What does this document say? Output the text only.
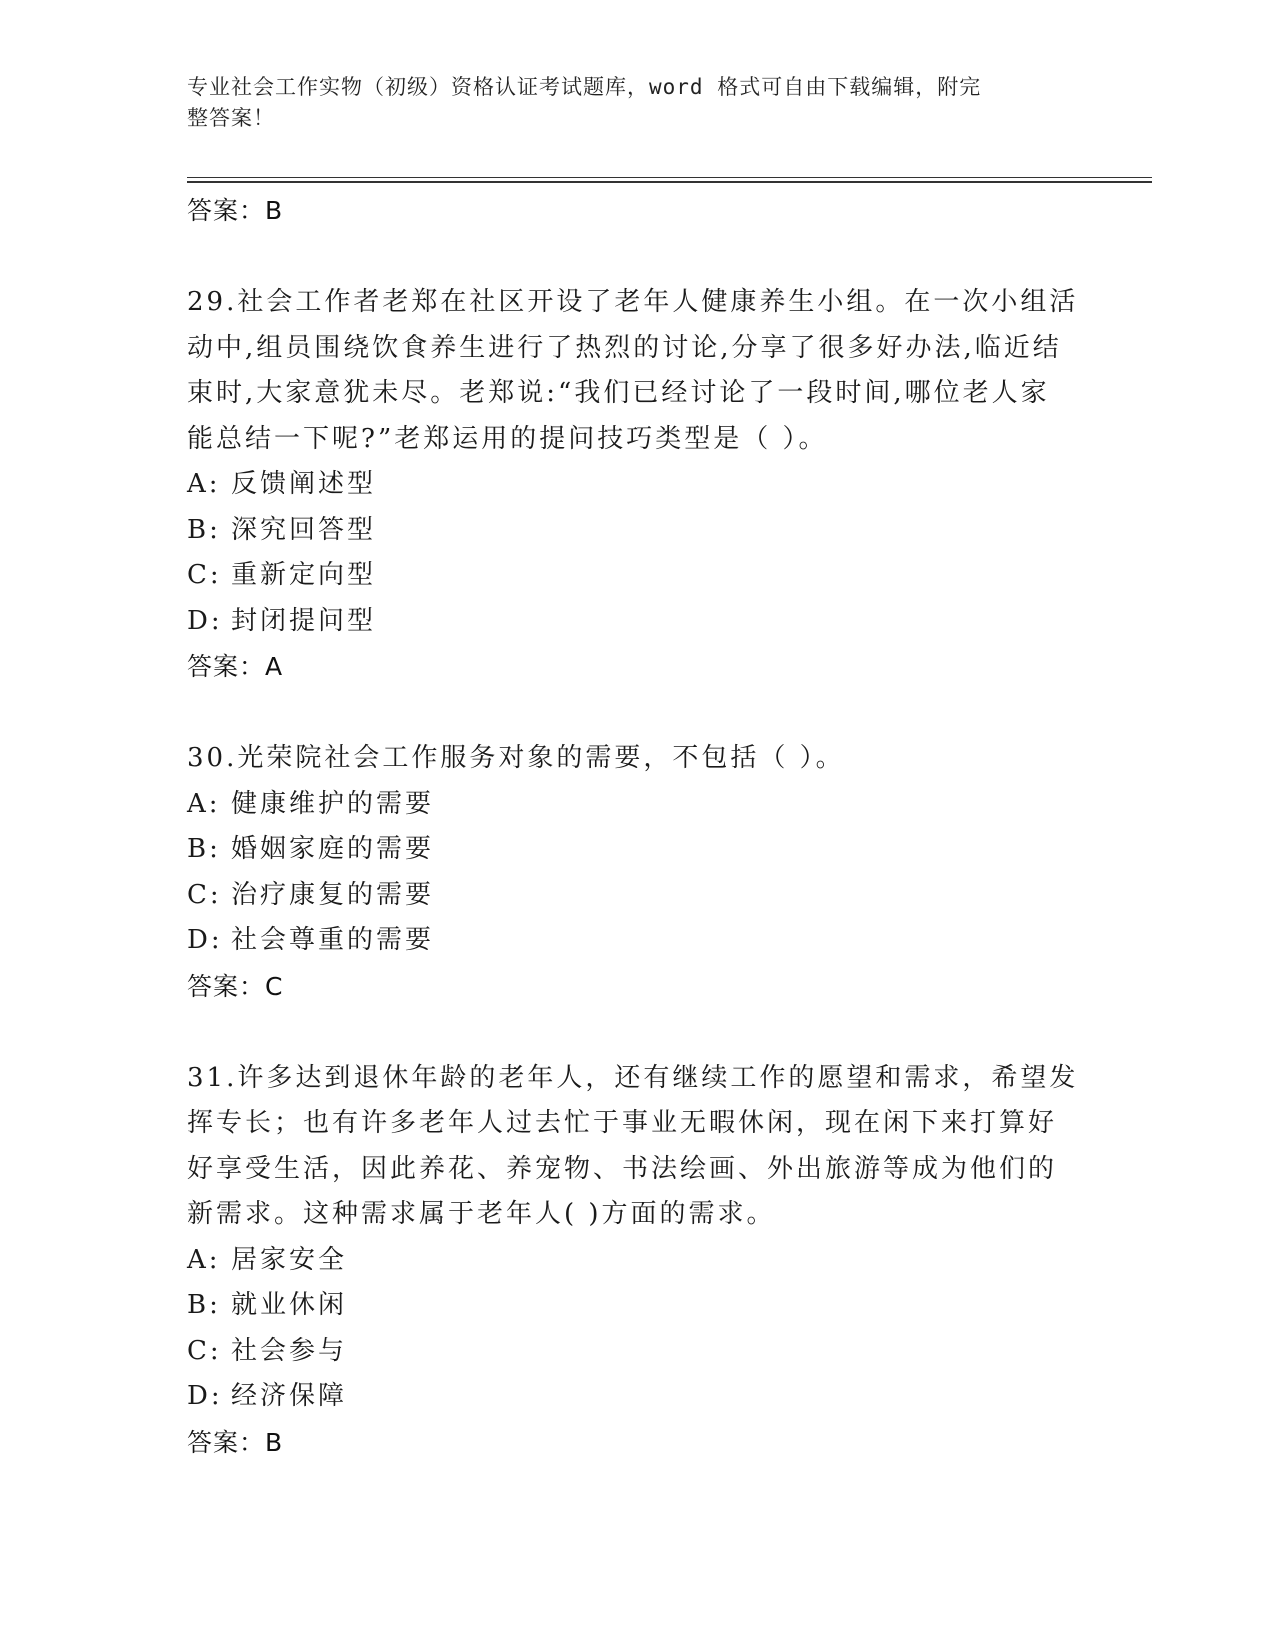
专业社会工作实物（初级）资格认证考试题库，word 格式可自由下载编辑，附完
整答案！
答案：B
29.社会工作者老郑在社区开设了老年人健康养生小组。在一次小组活
动中,组员围绕饮食养生进行了热烈的讨论,分享了很多好办法,临近结
束时,大家意犹未尽。老郑说:“我们已经讨论了一段时间,哪位老人家
能总结一下呢?”老郑运用的提问技巧类型是（ ）。
A: 反馈阐述型
B: 深究回答型
C: 重新定向型
D: 封闭提问型
答案：A
30.光荣院社会工作服务对象的需要，不包括（ ）。
A: 健康维护的需要
B: 婚姻家庭的需要
C: 治疗康复的需要
D: 社会尊重的需要
答案：C
31.许多达到退休年龄的老年人，还有继续工作的愿望和需求，希望发
挥专长；也有许多老年人过去忙于事业无暇休闲，现在闲下来打算好
好享受生活，因此养花、养宠物、书法绘画、外出旅游等成为他们的
新需求。这种需求属于老年人( )方面的需求。
A: 居家安全
B: 就业休闲
C: 社会参与
D: 经济保障
答案：B
